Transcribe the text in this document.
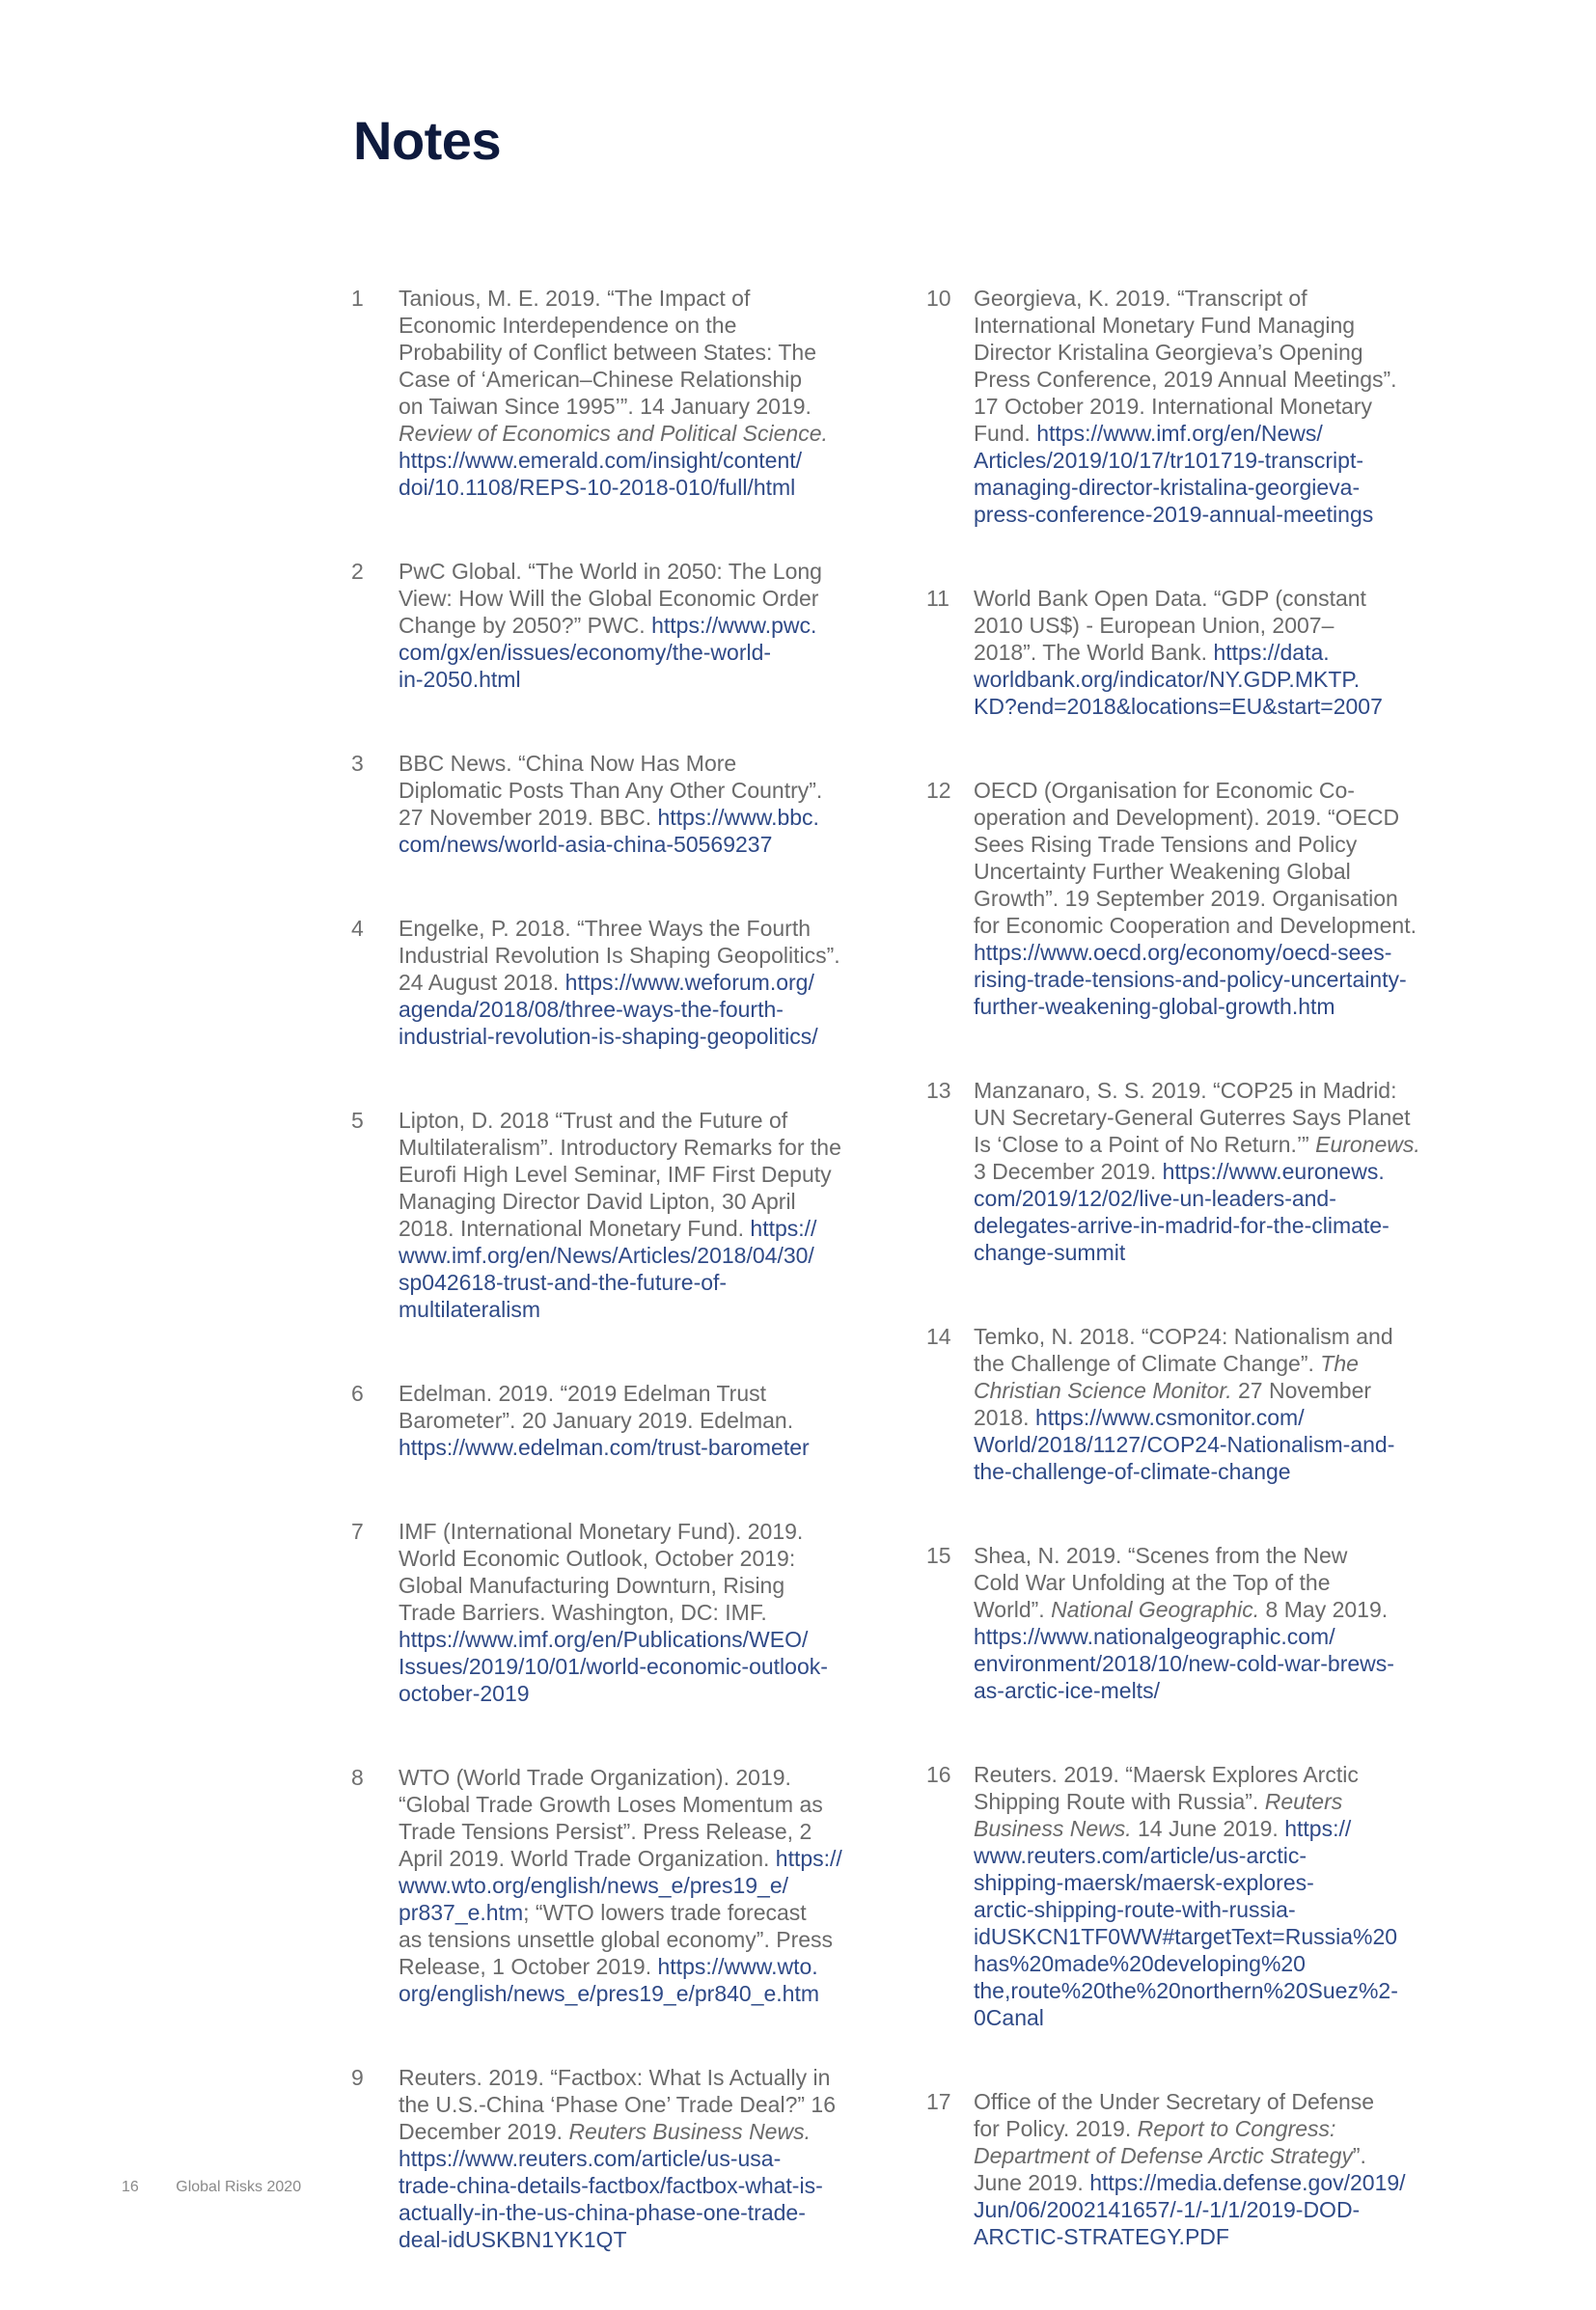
Notes
1 Tanious, M. E. 2019. “The Impact of
Economic Interdependence on the
Probability of Conflict between States: The
Case of ‘American–Chinese Relationship
on Taiwan Since 1995’”. 14 January 2019.
Review of Economics and Political Science.
https://www.emerald.com/insight/content/
doi/10.1108/REPS-10-2018-010/full/html

2 PwC Global. “The World in 2050: The Long
View: How Will the Global Economic Order
Change by 2050?” PWC. https://www.pwc.
com/gx/en/issues/economy/the-world-
in-2050.html

3 BBC News. “China Now Has More
Diplomatic Posts Than Any Other Country”.
27 November 2019. BBC. https://www.bbc.
com/news/world-asia-china-50569237

4 Engelke, P. 2018. “Three Ways the Fourth
Industrial Revolution Is Shaping Geopolitics”.
24 August 2018. https://www.weforum.org/
agenda/2018/08/three-ways-the-fourth-
industrial-revolution-is-shaping-geopolitics/

5 Lipton, D. 2018 “Trust and the Future of
Multilateralism”. Introductory Remarks for the
Eurofi High Level Seminar, IMF First Deputy
Managing Director David Lipton, 30 April
2018. International Monetary Fund. https://
www.imf.org/en/News/Articles/2018/04/30/
sp042618-trust-and-the-future-of-
multilateralism

6 Edelman. 2019. “2019 Edelman Trust
Barometer”. 20 January 2019. Edelman.
https://www.edelman.com/trust-barometer

7 IMF (International Monetary Fund). 2019.
World Economic Outlook, October 2019:
Global Manufacturing Downturn, Rising
Trade Barriers. Washington, DC: IMF.
https://www.imf.org/en/Publications/WEO/
Issues/2019/10/01/world-economic-outlook-
october-2019

8 WTO (World Trade Organization). 2019.
“Global Trade Growth Loses Momentum as
Trade Tensions Persist”. Press Release, 2
April 2019. World Trade Organization. https://
www.wto.org/english/news_e/pres19_e/
pr837_e.htm; “WTO lowers trade forecast
as tensions unsettle global economy”. Press
Release, 1 October 2019. https://www.wto.
org/english/news_e/pres19_e/pr840_e.htm

9 Reuters. 2019. “Factbox: What Is Actually in
the U.S.-China ‘Phase One’ Trade Deal?” 16
December 2019. Reuters Business News.
https://www.reuters.com/article/us-usa-
trade-china-details-factbox/factbox-what-is-
actually-in-the-us-china-phase-one-trade-
deal-idUSKBN1YK1QT

10 Georgieva, K. 2019. “Transcript of
International Monetary Fund Managing
Director Kristalina Georgieva’s Opening
Press Conference, 2019 Annual Meetings”.
17 October 2019. International Monetary
Fund. https://www.imf.org/en/News/
Articles/2019/10/17/tr101719-transcript-
managing-director-kristalina-georgieva-
press-conference-2019-annual-meetings

11 World Bank Open Data. “GDP (constant
2010 US$) - European Union, 2007–
2018”. The World Bank. https://data.
worldbank.org/indicator/NY.GDP.MKTP.
KD?end=2018&locations=EU&start=2007

12 OECD (Organisation for Economic Co-
operation and Development). 2019. “OECD
Sees Rising Trade Tensions and Policy
Uncertainty Further Weakening Global
Growth”. 19 September 2019. Organisation
for Economic Cooperation and Development.
https://www.oecd.org/economy/oecd-sees-
rising-trade-tensions-and-policy-uncertainty-
further-weakening-global-growth.htm

13 Manzanaro, S. S. 2019. “COP25 in Madrid:
UN Secretary-General Guterres Says Planet
Is ‘Close to a Point of No Return.’” Euronews.
3 December 2019. https://www.euronews.
com/2019/12/02/live-un-leaders-and-
delegates-arrive-in-madrid-for-the-climate-
change-summit

14 Temko, N. 2018. “COP24: Nationalism and
the Challenge of Climate Change”. The
Christian Science Monitor. 27 November
2018. https://www.csmonitor.com/
World/2018/1127/COP24-Nationalism-and-
the-challenge-of-climate-change

15 Shea, N. 2019. “Scenes from the New
Cold War Unfolding at the Top of the
World”. National Geographic. 8 May 2019.
https://www.nationalgeographic.com/
environment/2018/10/new-cold-war-brews-
as-arctic-ice-melts/

16 Reuters. 2019. “Maersk Explores Arctic
Shipping Route with Russia”. Reuters
Business News. 14 June 2019. https://
www.reuters.com/article/us-arctic-
shipping-maersk/maersk-explores-
arctic-shipping-route-with-russia-
idUSKCN1TF0WW#targetText=Russia%20
has%20made%20developing%20
the,route%20the%20northern%20Suez%2-
0Canal

17 Office of the Under Secretary of Defense
for Policy. 2019. Report to Congress:
Department of Defense Arctic Strategy”.
June 2019. https://media.defense.gov/2019/
Jun/06/2002141657/-1/-1/1/2019-DOD-
ARCTIC-STRATEGY.PDF

16 Global Risks 2020
